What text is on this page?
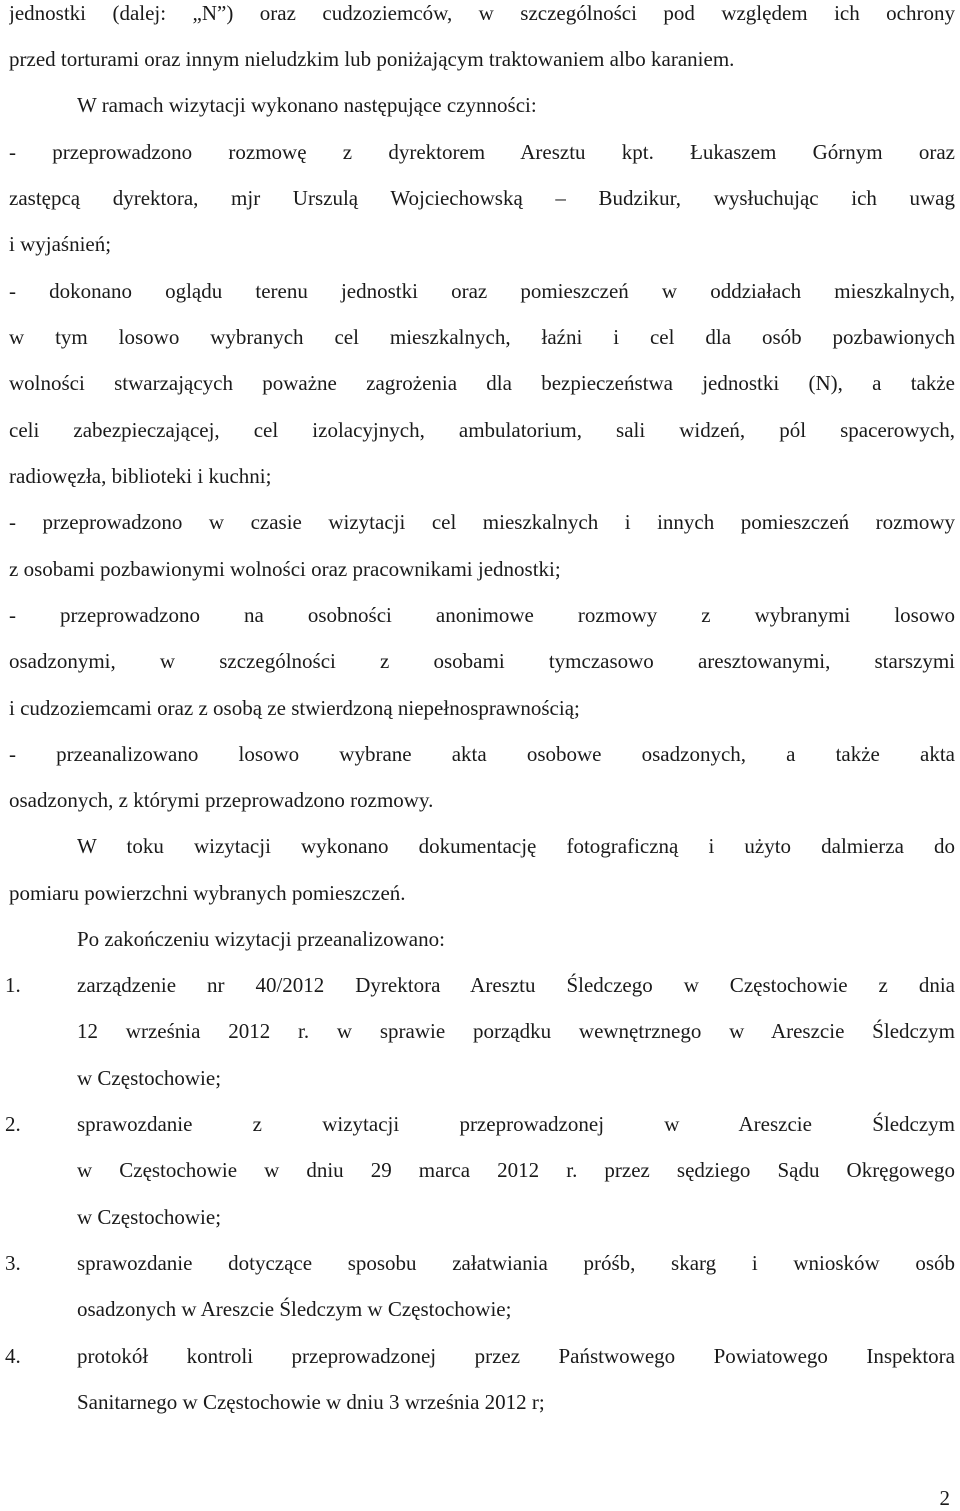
jednostki (dalej: „N”) oraz cudzoziemców, w szczególności pod względem ich ochrony
przed torturami oraz innym nieludzkim lub poniżającym traktowaniem albo karaniem.
W ramach wizytacji wykonano następujące czynności:
- przeprowadzono rozmowę z dyrektorem Aresztu kpt. Łukaszem Górnym oraz
zastępcą dyrektora, mjr Urszulą Wojciechowską – Budzikur, wysłuchując ich uwag
i wyjaśnień;
- dokonano oglądu terenu jednostki oraz pomieszczeń w oddziałach mieszkalnych,
w tym losowo wybranych cel mieszkalnych, łaźni i cel dla osób pozbawionych
wolności stwarzających poważne zagrożenia dla bezpieczeństwa jednostki (N), a także
celi zabezpieczającej, cel izolacyjnych, ambulatorium, sali widzeń, pól spacerowych,
radiowęzła, biblioteki i kuchni;
- przeprowadzono w czasie wizytacji cel mieszkalnych i innych pomieszczeń rozmowy
z osobami pozbawionymi wolności oraz pracownikami jednostki;
- przeprowadzono na osobności anonimowe rozmowy z wybranymi losowo
osadzonymi, w szczególności z osobami tymczasowo aresztowanymi, starszymi
i cudzoziemcami oraz z osobą ze stwierdzoną niepełnosprawnością;
- przeanalizowano losowo wybrane akta osobowe osadzonych, a także akta
osadzonych, z którymi przeprowadzono rozmowy.
W toku wizytacji wykonano dokumentację fotograficzną i użyto dalmierza do
pomiaru powierzchni wybranych pomieszczeń.
Po zakończeniu wizytacji przeanalizowano:
1.	zarządzenie nr 40/2012 Dyrektora Aresztu Śledczego w Częstochowie z dnia
12 września 2012 r. w sprawie porządku wewnętrznego w Areszcie Śledczym
w Częstochowie;
2.	sprawozdanie z wizytacji przeprowadzonej w Areszcie Śledczym
w Częstochowie w dniu 29 marca 2012 r. przez sędziego Sądu Okręgowego
w Częstochowie;
3.	sprawozdanie dotyczące sposobu załatwiania próśb, skarg i wniosków osób
osadzonych w Areszcie Śledczym w Częstochowie;
4.	protokół kontroli przeprowadzonej przez Państwowego Powiatowego Inspektora
Sanitarnego w Częstochowie w dniu 3 września 2012 r;
2
